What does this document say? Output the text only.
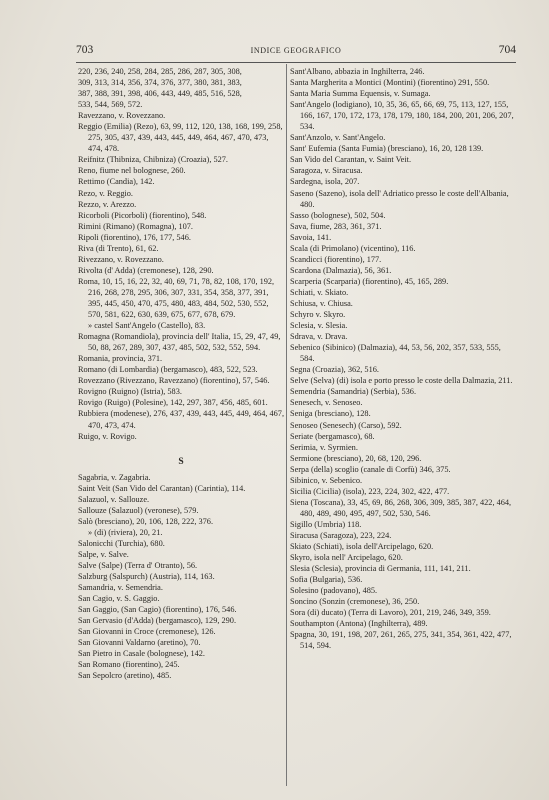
703	INDICE GEOGRAFICO	704

220, 236, 240, 258, 284, 285, 286, 287, 305, 308,

309, 313, 314, 356, 374, 376, 377, 380, 381, 383,

387, 388, 391, 398, 406, 443, 449, 485, 516, 528,

533, 544, 569, 572.

Ravezzano, v. Rovezzano.

Reggio (Emilia) (Rezo), 63, 99, 112, 120, 138, 168, 199, 258, 275, 305, 437, 439, 443, 445, 449, 464, 467, 470, 473, 474, 478.

Reifnitz (Thibniza, Chibniza) (Croazia), 527.

Reno, fiume nel bolognese, 260.

Rettimo (Candia), 142.

Rezo, v. Reggio.

Rezzo, v. Arezzo.

Ricorboli (Picorboli) (fiorentino), 548.

Rimini (Rimano) (Romagna), 107.

Ripoli (fiorentino), 176, 177, 546.

Riva (di Trento), 61, 62.

Rivezzano, v. Rovezzano.

Rivolta (d' Adda) (cremonese), 128, 290.

Roma, 10, 15, 16, 22, 32, 40, 69, 71, 78, 82, 108, 170, 192, 216, 268, 278, 295, 306, 307, 331, 354, 358, 377, 391, 395, 445, 450, 470, 475, 480, 483, 484, 502, 530, 552, 570, 581, 622, 630, 639, 675, 677, 678, 679.

» castel Sant'Angelo (Castello), 83.

Romagna (Romandiola), provincia dell' Italia, 15, 29, 47, 49, 50, 88, 267, 289, 307, 437, 485, 502, 532, 552, 594.

Romania, provincia, 371.

Romano (di Lombardia) (bergamasco), 483, 522, 523.

Rovezzano (Rivezzano, Ravezzano) (fiorentino), 57, 546.

Rovigno (Ruigno) (Istria), 583.

Rovigo (Ruigo) (Polesine), 142, 297, 387, 456, 485, 601.

Rubbiera (modenese), 276, 437, 439, 443, 445, 449, 464, 467, 470, 473, 474.

Ruigo, v. Rovigo.

S

Sagabria, v. Zagabria.

Saint Veit (San Vido del Carantan) (Carintia), 114.

Salazuol, v. Sallouze.

Sallouze (Salazuol) (veronese), 579.

Salò (bresciano), 20, 106, 128, 222, 376.

» (di) (riviera), 20, 21.

Salonicchi (Turchia), 680.

Salpe, v. Salve.

Salve (Salpe) (Terra d' Otranto), 56.

Salzburg (Salspurch) (Austria), 114, 163.

Samandria, v. Semendria.

San Cagio, v. S. Gaggio.

San Gaggio, (San Cagio) (fiorentino), 176, 546.

San Gervasio (d'Adda) (bergamasco), 129, 290.

San Giovanni in Croce (cremonese), 126.

San Giovanni Valdarno (aretino), 70.

San Pietro in Casale (bolognese), 142.

San Romano (fiorentino), 245.

San Sepolcro (aretino), 485.

Sant'Albano, abbazia in Inghilterra, 246.

Santa Margherita a Montici (Montini) (fiorentino) 291, 550.

Santa Maria Summa Equensis, v. Sumaga.

Sant'Angelo (lodigiano), 10, 35, 36, 65, 66, 69, 75, 113, 127, 155, 166, 167, 170, 172, 173, 178, 179, 180, 184, 200, 201, 206, 207, 534.

Sant'Anzolo, v. Sant'Angelo.

Sant' Eufemia (Santa Fumia) (bresciano), 16, 20, 128 139.

San Vido del Carantan, v. Saint Veit.

Saragoza, v. Siracusa.

Sardegna, isola, 207.

Saseno (Sazeno), isola dell' Adriatico presso le coste dell'Albania, 480.

Sasso (bolognese), 502, 504.

Sava, fiume, 283, 361, 371.

Savoia, 141.

Scala (di Primolano) (vicentino), 116.

Scandicci (fiorentino), 177.

Scardona (Dalmazia), 56, 361.

Scarperia (Scarparia) (fiorentino), 45, 165, 289.

Schiati, v. Skiato.

Schiusa, v. Chiusa.

Schyro v. Skyro.

Sclesia, v. Slesia.

Sdrava, v. Drava.

Sebenico (Sibinico) (Dalmazia), 44, 53, 56, 202, 357, 533, 555, 584.

Segna (Croazia), 362, 516.

Selve (Selva) (di) isola e porto presso le coste della Dalmazia, 211.

Semendria (Samandria) (Serbia), 536.

Senesech, v. Senoseo.

Seniga (bresciano), 128.

Senoseo (Senesech) (Carso), 592.

Seriate (bergamasco), 68.

Serimia, v. Syrmien.

Sermione (bresciano), 20, 68, 120, 296.

Serpa (della) scoglio (canale di Corfù) 346, 375.

Sibinico, v. Sebenico.

Sicilia (Cicilia) (isola), 223, 224, 302, 422, 477.

Siena (Toscana), 33, 45, 69, 86, 268, 306, 309, 385, 387, 422, 464, 480, 489, 490, 495, 497, 502, 530, 546.

Sigillo (Umbria) 118.

Siracusa (Saragoza), 223, 224.

Skiato (Schiati), isola dell'Arcipelago, 620.

Skyro, isola nell' Arcipelago, 620.

Slesia (Sclesia), provincia di Germania, 111, 141, 211.

Sofia (Bulgaria), 536.

Solesino (padovano), 485.

Soncino (Sonzin (cremonese), 36, 250.

Sora (di) ducato) (Terra di Lavoro), 201, 219, 246, 349, 359.

Southampton (Antona) (Inghilterra), 489.

Spagna, 30, 191, 198, 207, 261, 265, 275, 341, 354, 361, 422, 477, 514, 594.
